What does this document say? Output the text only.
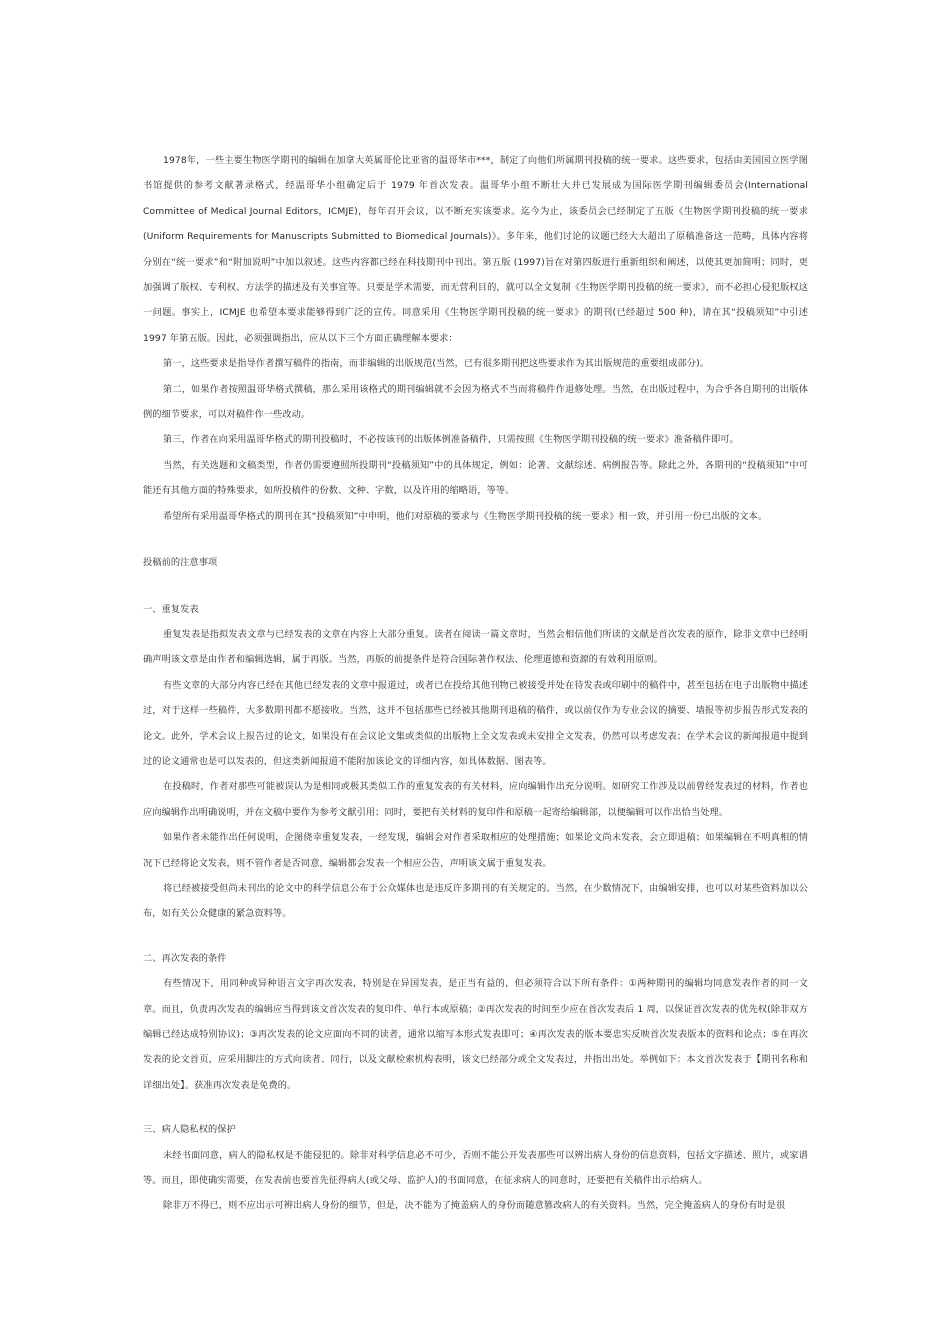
1978年，一些主要生物医学期刊的编辑在加拿大英属哥伦比亚省的温哥华市***，制定了向他们所属期刊投稿的统一要求。这些要求，包括由美国国立医学图书馆提供的参考文献著录格式，经温哥华小组确定后于 1979 年首次发表。温哥华小组不断壮大并已发展成为国际医学期刊编辑委员会(International Committee of Medical Journal Editors，ICMJE)，每年召开会议，以不断充实该要求。迄今为止，该委员会已经制定了五版《生物医学期刊投稿的统一要求(Uniform Requirements for Manuscripts Submitted to Biomedical Journals)》。多年来，他们讨论的议题已经大大超出了原稿准备这一范畴，具体内容将分别在“统一要求”和“附加说明”中加以叙述。这些内容都已经在科技期刊中刊出。第五版 (1997)旨在对第四版进行重新组织和阐述，以使其更加简明；同时，更加强调了版权、专利权、方法学的描述及有关事宜等。只要是学术需要，而无营利目的，就可以全文复制《生物医学期刊投稿的统一要求》，而不必担心侵犯版权这一问题。事实上，ICMJE 也希望本要求能够得到广泛的宣传。同意采用《生物医学期刊投稿的统一要求》的期刊(已经超过 500 种)，请在其“投稿须知”中引述 1997 年第五版。因此，必须强调指出，应从以下三个方面正确理解本要求：

第一，这些要求是指导作者撰写稿件的指南，而非编辑的出版规范(当然，已有很多期刊把这些要求作为其出版规范的重要组成部分)。

第二，如果作者按照温哥华格式撰稿，那么采用该格式的期刊编辑就不会因为格式不当而将稿件作退修处理。当然，在出版过程中，为合乎各自期刊的出版体例的细节要求，可以对稿件作一些改动。

第三，作者在向采用温哥华格式的期刊投稿时，不必按该刊的出版体例准备稿件，只需按照《生物医学期刊投稿的统一要求》准备稿件即可。

当然，有关选题和文稿类型，作者仍需要遵照所投期刊“投稿须知”中的具体规定，例如：论著、文献综述、病例报告等。除此之外，各期刊的“投稿须知”中可能还有其他方面的特殊要求，如所投稿件的份数、文种、字数，以及许用的缩略语，等等。

希望所有采用温哥华格式的期刊在其“投稿须知”中申明，他们对原稿的要求与《生物医学期刊投稿的统一要求》相一致，并引用一份已出版的文本。

投稿前的注意事项
一、重复发表

重复发表是指拟发表文章与已经发表的文章在内容上大部分重复。读者在阅读一篇文章时，当然会相信他们所读的文献是首次发表的原作，除非文章中已经明确声明该文章是由作者和编辑选辑，属于再版。当然，再版的前提条件是符合国际著作权法、伦理道德和资源的有效利用原则。

有些文章的大部分内容已经在其他已经发表的文章中报道过，或者已在投给其他刊物已被接受并处在待发表或印刷中的稿件中，甚至包括在电子出版物中描述过，对于这样一些稿件，大多数期刊都不愿接收。当然，这并不包括那些已经被其他期刊退稿的稿件，或以前仅作为专业会议的摘要、墙报等初步报告形式发表的论文。此外，学术会议上报告过的论文，如果没有在会议论文集或类似的出版物上全文发表或未安排全文发表，仍然可以考虑发表；在学术会议的新闻报道中提到过的论文通常也是可以发表的，但这类新闻报道不能附加该论文的详细内容，如具体数据、图表等。

在投稿时，作者对那些可能被误认为是相同或极其类似工作的重复发表的有关材料，应向编辑作出充分说明。如研究工作涉及以前曾经发表过的材料，作者也应向编辑作出明确说明，并在文稿中要作为参考文献引用；同时，要把有关材料的复印件和原稿一起寄给编辑部，以便编辑可以作出恰当处理。

如果作者未能作出任何说明，企图侥幸重复发表，一经发现，编辑会对作者采取相应的处理措施；如果论文尚未发表，会立即退稿；如果编辑在不明真相的情况下已经将论文发表，则不管作者是否同意，编辑都会发表一个相应公告，声明该文属于重复发表。

将已经被接受但尚未刊出的论文中的科学信息公布于公众媒体也是违反许多期刊的有关规定的。当然，在少数情况下，由编辑安排，也可以对某些资料加以公布，如有关公众健康的紧急资料等。

二、再次发表的条件

有些情况下，用同种或异种语言文字再次发表，特别是在异国发表，是正当有益的，但必须符合以下所有条件：①两种期刊的编辑均同意发表作者的同一文章。而且，负责再次发表的编辑应当得到该文首次发表的复印件、单行本或原稿；②再次发表的时间至少应在首次发表后 1 周，以保证首次发表的优先权(除非双方编辑已经达成特别协议)；③再次发表的论文应面向不同的读者，通常以缩写本形式发表即可；④再次发表的版本要忠实反映首次发表版本的资料和论点；⑤在再次发表的论文首页，应采用脚注的方式向读者、同行，以及文献检索机构表明，该文已经部分或全文发表过，并指出出处。举例如下：本文首次发表于【期刊名称和详细出处】。获准再次发表是免费的。

三、病人隐私权的保护

未经书面同意，病人的隐私权是不能侵犯的。除非对科学信息必不可少，否则不能公开发表那些可以辨出病人身份的信息资料，包括文字描述、照片，或家谱等。而且，即使确实需要，在发表前也要首先征得病人(或父母、监护人)的书面同意，在征求病人的同意时，还要把有关稿件出示给病人。

除非万不得已，则不应出示可辨出病人身份的细节，但是，决不能为了掩盖病人的身份而随意篡改病人的有关资料。当然，完全掩盖病人的身份有时是很
